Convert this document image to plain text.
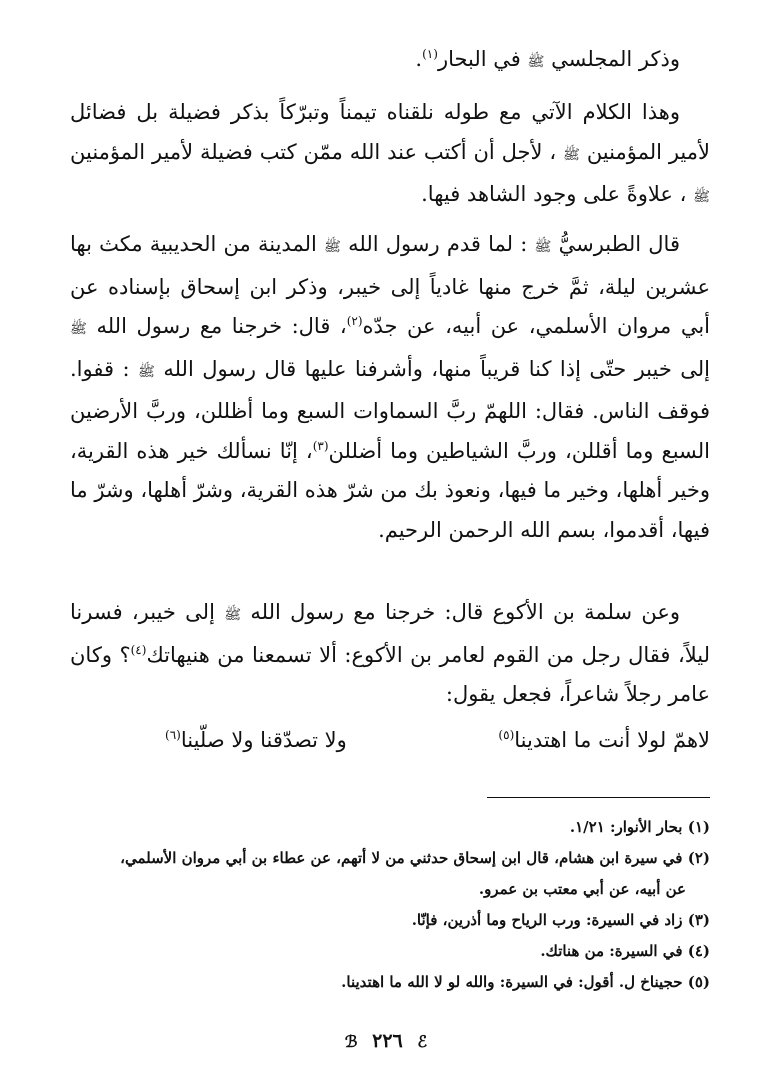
وذكر المجلسي ﷺ في البحار$^{(١)}$.

وهذا الكلام الآتي مع طوله نلقناه تيمناً وتبرّكاً بذكر فضيلة بل فضائل لأمير المؤمنين ﷺ ، لأجل أن أكتب عند الله ممّن كتب فضيلة لأمير المؤمنين ﷺ ، علاوةً على وجود الشاهد فيها.

قال الطبرسيُّ ﷺ : لما قدم رسول الله ﷺ المدينة من الحديبية مكث بها عشرين ليلة، ثمَّ خرج منها غادياً إلى خيبر، وذكر ابن إسحاق بإسناده عن أبي مروان الأسلمي، عن أبيه، عن جدّه$^{(٢)}$، قال: خرجنا مع رسول الله ﷺ إلى خيبر حتّى إذا كنا قريباً منها، وأشرفنا عليها قال رسول الله ﷺ : قفوا. فوقف الناس. فقال: اللهمّ ربَّ السماوات السبع وما أظللن، وربَّ الأرضين السبع وما أقللن، وربَّ الشياطين وما أضللن$^{(٣)}$، إنّا نسألك خير هذه القرية، وخير أهلها، وخير ما فيها، ونعوذ بك من شرّ هذه القرية، وشرّ أهلها، وشرّ ما فيها، أقدموا، بسم الله الرحمن الرحيم.

وعن سلمة بن الأكوع قال: خرجنا مع رسول الله ﷺ إلى خيبر، فسرنا ليلاً، فقال رجل من القوم لعامر بن الأكوع: ألا تسمعنا من هنيهاتك$^{(٤)}$؟ وكان عامر رجلاً شاعراً، فجعل يقول:

لاهمّ لولا أنت ما اهتدينا$^{(٥)}$
ولا تصدّقنا ولا صلّينا$^{(٦)}$
(١) بحار الأنوار: ١/٢١.
(٢) في سيرة ابن هشام، قال ابن إسحاق حدثني من لا أتهم، عن عطاء بن أبي مروان الأسلمي،
عن أبيه، عن أبي معتب بن عمرو.
(٣) زاد في السيرة: ورب الرياح وما أذرين، فإنّا.
(٤) في السيرة: من هناتك.
(٥) حجيناخ ل. أقول: في السيرة: والله لو لا الله ما اهتدينا.
ℰ ٢٢٦ ℬ
